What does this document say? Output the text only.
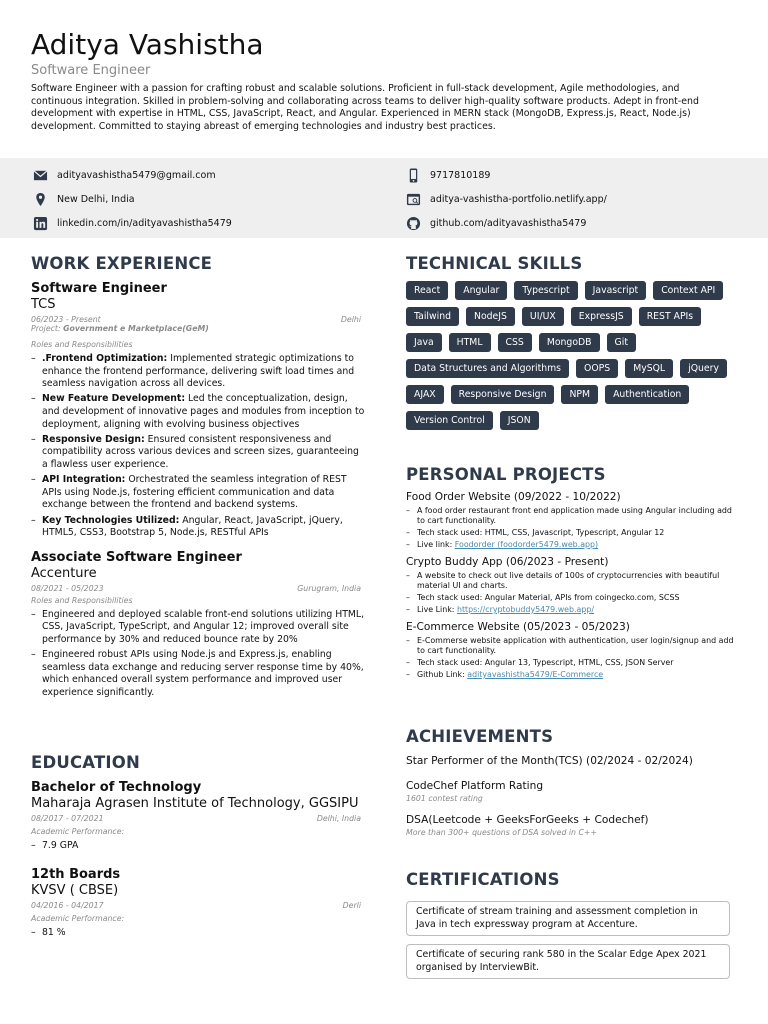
Aditya Vashistha
Software Engineer
Software Engineer with a passion for crafting robust and scalable solutions. Proficient in full-stack development, Agile methodologies, and continuous integration. Skilled in problem-solving and collaborating across teams to deliver high-quality software products. Adept in front-end development with expertise in HTML, CSS, JavaScript, React, and Angular. Experienced in MERN stack (MongoDB, Express.js, React, Node.js) development. Committed to staying abreast of emerging technologies and industry best practices.
adityavashistha5479@gmail.com	9717810189
New Delhi, India	aditya-vashistha-portfolio.netlify.app/
linkedin.com/in/adityavashistha5479	github.com/adityavashistha5479
WORK EXPERIENCE
Software Engineer
TCS
06/2023 - Present	Delhi
Project: Government e Marketplace(GeM)
Roles and Responsibilities
– .Frontend Optimization: Implemented strategic optimizations to enhance the frontend performance, delivering swift load times and seamless navigation across all devices.
– New Feature Development: Led the conceptualization, design, and development of innovative pages and modules from inception to deployment, aligning with evolving business objectives
– Responsive Design: Ensured consistent responsiveness and compatibility across various devices and screen sizes, guaranteeing a flawless user experience.
– API Integration: Orchestrated the seamless integration of REST APIs using Node.js, fostering efficient communication and data exchange between the frontend and backend systems.
– Key Technologies Utilized: Angular, React, JavaScript, jQuery, HTML5, CSS3, Bootstrap 5, Node.js, RESTful APIs
Associate Software Engineer
Accenture
08/2021 - 05/2023	Gurugram, India
Roles and Responsibilities
– Engineered and deployed scalable front-end solutions utilizing HTML, CSS, JavaScript, TypeScript, and Angular 12; improved overall site performance by 30% and reduced bounce rate by 20%
– Engineered robust APIs using Node.js and Express.js, enabling seamless data exchange and reducing server response time by 40%, which enhanced overall system performance and improved user experience significantly.
EDUCATION
Bachelor of Technology
Maharaja Agrasen Institute of Technology, GGSIPU
08/2017 - 07/2021	Delhi, India
Academic Performance:
– 7.9 GPA
12th Boards
KVSV ( CBSE)
04/2016 - 04/2017	Derli
Academic Performance:
– 81 %
TECHNICAL SKILLS
React	Angular	Typescript	Javascript	Context API
Tailwind	NodeJS	UI/UX	ExpressJS	REST APIs
Java	HTML	CSS	MongoDB	Git
Data Structures and Algorithms	OOPS	MySQL	jQuery
AJAX	Responsive Design	NPM	Authentication
Version Control	JSON
PERSONAL PROJECTS
Food Order Website (09/2022 - 10/2022)
– A food order restaurant front end application made using Angular including add to cart functionality.
– Tech stack used: HTML, CSS, Javascript, Typescript, Angular 12
– Live link: Foodorder (foodorder5479.web.app)
Crypto Buddy App (06/2023 - Present)
– A website to check out live details of 100s of cryptocurrencies with beautiful material UI and charts.
– Tech stack used: Angular Material, APIs from coingecko.com, SCSS
– Live Link: https://cryptobuddy5479.web.app/
E-Commerce Website (05/2023 - 05/2023)
– E-Commerse website application with authentication, user login/signup and add to cart functionality.
– Tech stack used: Angular 13, Typescript, HTML, CSS, JSON Server
– Github Link: adityavashistha5479/E-Commerce
ACHIEVEMENTS
Star Performer of the Month(TCS) (02/2024 - 02/2024)
CodeChef Platform Rating
1601 contest rating
DSA(Leetcode + GeeksForGeeks + Codechef)
More than 300+ questions of DSA solved in C++
CERTIFICATIONS
Certificate of stream training and assessment completion in Java in tech expressway program at Accenture.
Certificate of securing rank 580 in the Scalar Edge Apex 2021 organised by InterviewBit.
